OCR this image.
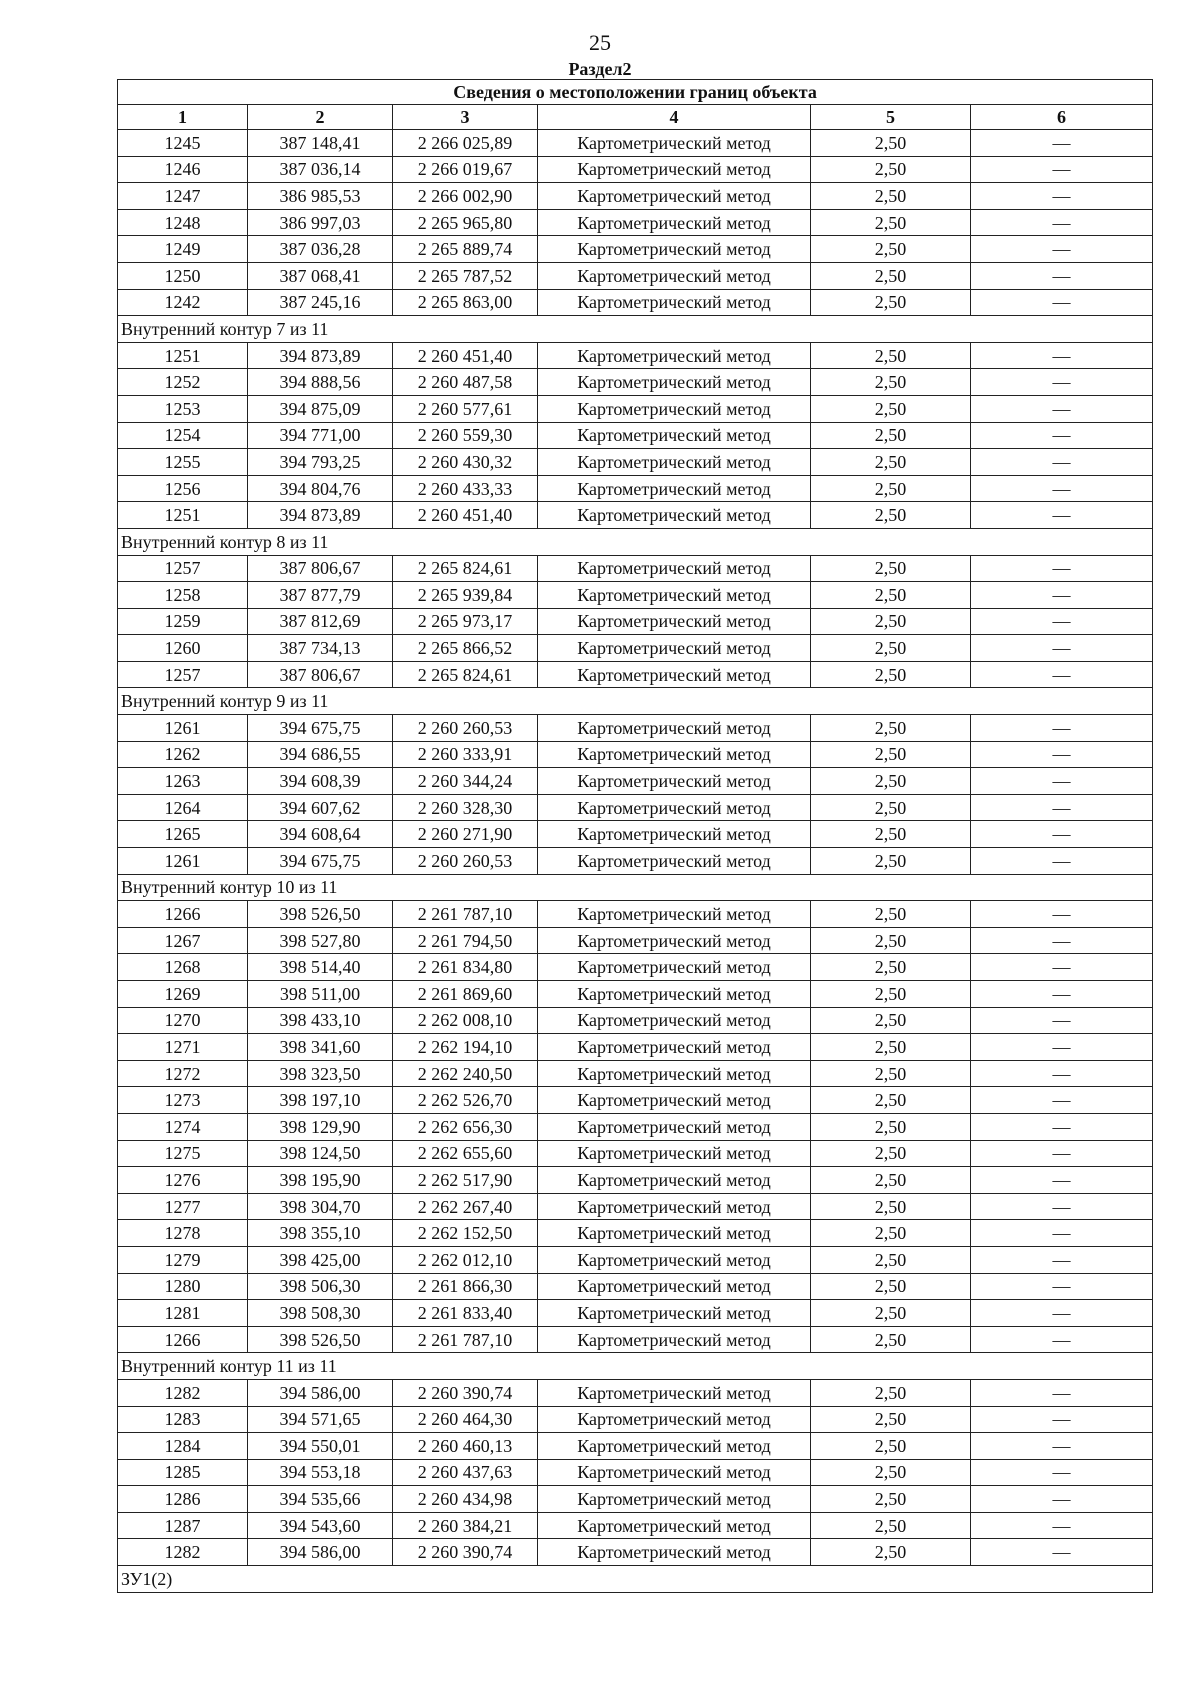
25
Раздел2
Сведения о местоположении границ объекта					
1	2	3	4	5	6
1245	387 148,41	2 266 025,89	Картометрический метод	2,50	—
1246	387 036,14	2 266 019,67	Картометрический метод	2,50	—
1247	386 985,53	2 266 002,90	Картометрический метод	2,50	—
1248	386 997,03	2 265 965,80	Картометрический метод	2,50	—
1249	387 036,28	2 265 889,74	Картометрический метод	2,50	—
1250	387 068,41	2 265 787,52	Картометрический метод	2,50	—
1242	387 245,16	2 265 863,00	Картометрический метод	2,50	—
Внутренний контур 7 из 11					
1251	394 873,89	2 260 451,40	Картометрический метод	2,50	—
1252	394 888,56	2 260 487,58	Картометрический метод	2,50	—
1253	394 875,09	2 260 577,61	Картометрический метод	2,50	—
1254	394 771,00	2 260 559,30	Картометрический метод	2,50	—
1255	394 793,25	2 260 430,32	Картометрический метод	2,50	—
1256	394 804,76	2 260 433,33	Картометрический метод	2,50	—
1251	394 873,89	2 260 451,40	Картометрический метод	2,50	—
Внутренний контур 8 из 11					
1257	387 806,67	2 265 824,61	Картометрический метод	2,50	—
1258	387 877,79	2 265 939,84	Картометрический метод	2,50	—
1259	387 812,69	2 265 973,17	Картометрический метод	2,50	—
1260	387 734,13	2 265 866,52	Картометрический метод	2,50	—
1257	387 806,67	2 265 824,61	Картометрический метод	2,50	—
Внутренний контур 9 из 11					
1261	394 675,75	2 260 260,53	Картометрический метод	2,50	—
1262	394 686,55	2 260 333,91	Картометрический метод	2,50	—
1263	394 608,39	2 260 344,24	Картометрический метод	2,50	—
1264	394 607,62	2 260 328,30	Картометрический метод	2,50	—
1265	394 608,64	2 260 271,90	Картометрический метод	2,50	—
1261	394 675,75	2 260 260,53	Картометрический метод	2,50	—
Внутренний контур 10 из 11					
1266	398 526,50	2 261 787,10	Картометрический метод	2,50	—
1267	398 527,80	2 261 794,50	Картометрический метод	2,50	—
1268	398 514,40	2 261 834,80	Картометрический метод	2,50	—
1269	398 511,00	2 261 869,60	Картометрический метод	2,50	—
1270	398 433,10	2 262 008,10	Картометрический метод	2,50	—
1271	398 341,60	2 262 194,10	Картометрический метод	2,50	—
1272	398 323,50	2 262 240,50	Картометрический метод	2,50	—
1273	398 197,10	2 262 526,70	Картометрический метод	2,50	—
1274	398 129,90	2 262 656,30	Картометрический метод	2,50	—
1275	398 124,50	2 262 655,60	Картометрический метод	2,50	—
1276	398 195,90	2 262 517,90	Картометрический метод	2,50	—
1277	398 304,70	2 262 267,40	Картометрический метод	2,50	—
1278	398 355,10	2 262 152,50	Картометрический метод	2,50	—
1279	398 425,00	2 262 012,10	Картометрический метод	2,50	—
1280	398 506,30	2 261 866,30	Картометрический метод	2,50	—
1281	398 508,30	2 261 833,40	Картометрический метод	2,50	—
1266	398 526,50	2 261 787,10	Картометрический метод	2,50	—
Внутренний контур 11 из 11					
1282	394 586,00	2 260 390,74	Картометрический метод	2,50	—
1283	394 571,65	2 260 464,30	Картометрический метод	2,50	—
1284	394 550,01	2 260 460,13	Картометрический метод	2,50	—
1285	394 553,18	2 260 437,63	Картометрический метод	2,50	—
1286	394 535,66	2 260 434,98	Картометрический метод	2,50	—
1287	394 543,60	2 260 384,21	Картометрический метод	2,50	—
1282	394 586,00	2 260 390,74	Картометрический метод	2,50	—
ЗУ1(2)					
